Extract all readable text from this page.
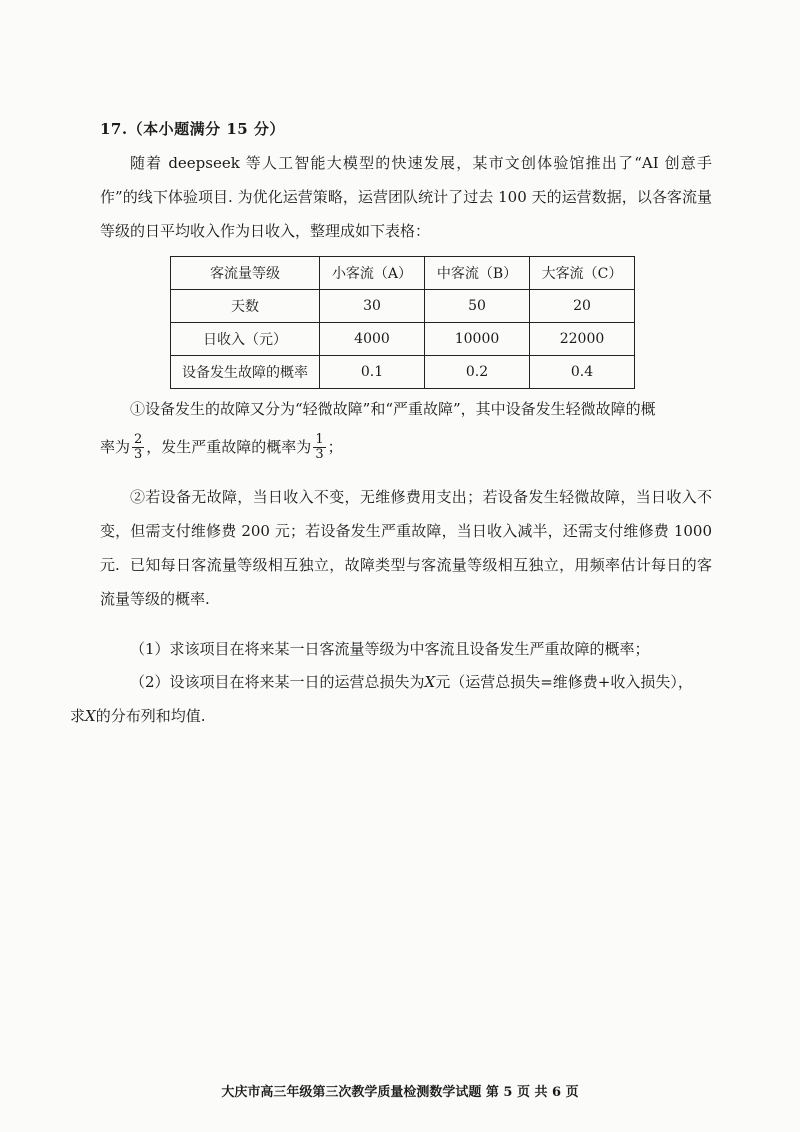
17.（本小题满分 15 分）
随着 deepseek 等人工智能大模型的快速发展，某市文创体验馆推出了“AI 创意手作”的线下体验项目. 为优化运营策略，运营团队统计了过去 100 天的运营数据，以各客流量等级的日平均收入作为日收入，整理成如下表格：
客流量等级	小客流（A）	中客流（B）	大客流（C）
天数	30	50	20
日收入（元）	4000	10000	22000
设备发生故障的概率	0.1	0.2	0.4
①设备发生的故障又分为“轻微故障”和“严重故障”，其中设备发生轻微故障的概
率为 $\frac{2}{3}$ ，发生严重故障的概率为 $\frac{1}{3}$ ；
②若设备无故障，当日收入不变，无维修费用支出；若设备发生轻微故障，当日收入不变，但需支付维修费 200 元；若设备发生严重故障，当日收入减半，还需支付维修费 1000 元. 已知每日客流量等级相互独立，故障类型与客流量等级相互独立，用频率估计每日的客流量等级的概率.
（1）求该项目在将来某一日客流量等级为中客流且设备发生严重故障的概率；
（2）设该项目在将来某一日的运营总损失为X元（运营总损失=维修费+收入损失），
求X的分布列和均值.
大庆市高三年级第三次教学质量检测数学试题 第 5 页 共 6 页
